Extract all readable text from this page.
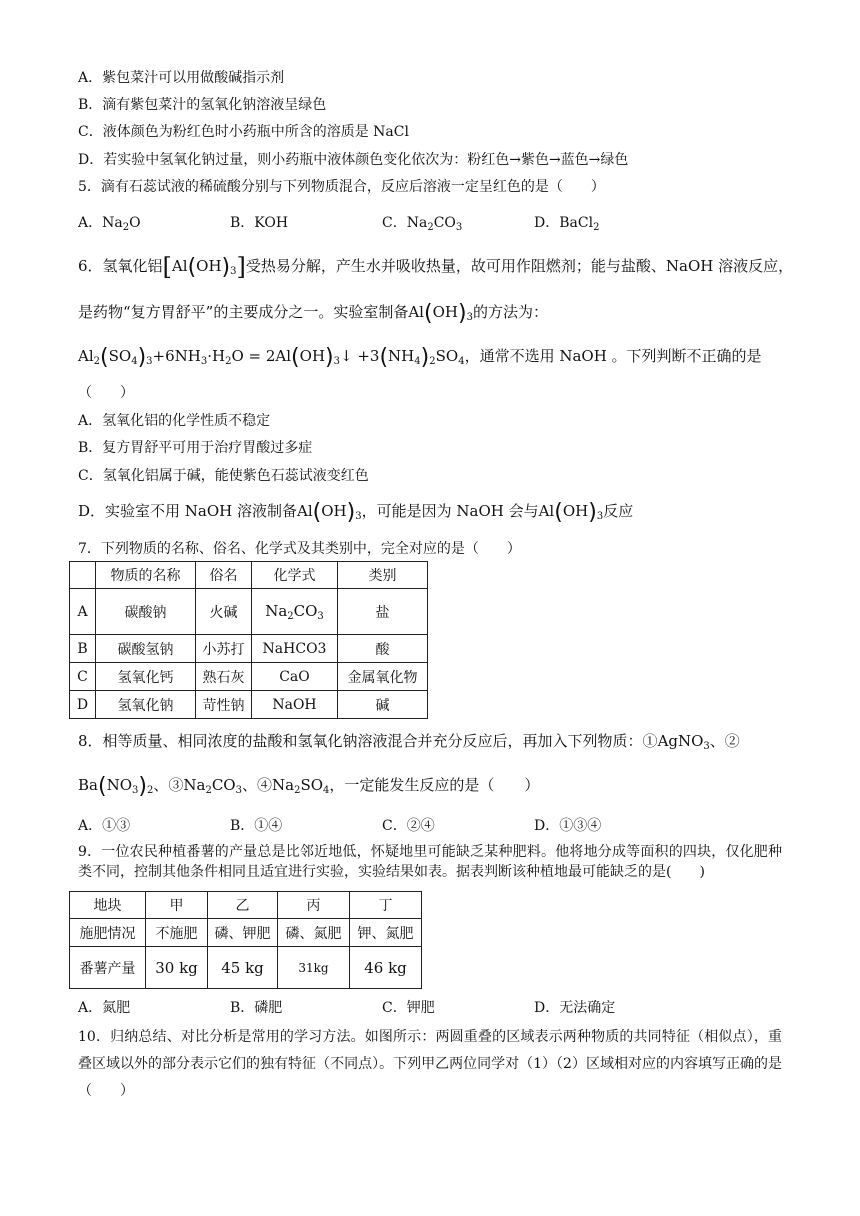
A．紫包菜汁可以用做酸碱指示剂
B．滴有紫包菜汁的氢氧化钠溶液呈绿色
C．液体颜色为粉红色时小药瓶中所含的溶质是 NaCl
D．若实验中氢氧化钠过量，则小药瓶中液体颜色变化依次为：粉红色→紫色→蓝色→绿色
5．滴有石蕊试液的稀硫酸分别与下列物质混合，反应后溶液一定呈红色的是（　　）
A．$Na_2O$	B．KOH	C．$Na_2CO_3$	D．BaCl$_2$
6．氢氧化铝$[Al(OH)_3]$受热易分解，产生水并吸收热量，故可用作阻燃剂；能与盐酸、NaOH 溶液反应，
是药物“复方胃舒平”的主要成分之一。实验室制备$Al(OH)_3$的方法为：
$Al_2(SO_4)_3+6NH_3\cdot H_2O$ = $2Al(OH)_3↓ +3(NH_4)_2SO_4$，通常不选用 NaOH 。下列判断不正确的是
（　　）
A．氢氧化铝的化学性质不稳定
B．复方胃舒平可用于治疗胃酸过多症
C．氢氧化铝属于碱，能使紫色石蕊试液变红色
D．实验室不用 NaOH 溶液制备$Al(OH)_3$，可能是因为 NaOH 会与$Al(OH)_3$反应
7．下列物质的名称、俗名、化学式及其类别中，完全对应的是（　　）
	物质的名称	俗名	化学式	类别
A	碳酸钠	火碱	$Na_2CO_3$	盐
B	碳酸氢钠	小苏打	NaHCO3	酸
C	氢氧化钙	熟石灰	CaO	金属氧化物
D	氢氧化钠	苛性钠	NaOH	碱
8．相等质量、相同浓度的盐酸和氢氧化钠溶液混合并充分反应后，再加入下列物质：①AgNO$_3$、②
$Ba(NO_3)_2$、$③Na_2CO_3$、$④Na_2SO_4$，一定能发生反应的是（　　）
A．①③	B．①④	C．②④	D．①③④
9．一位农民种植番薯的产量总是比邻近地低，怀疑地里可能缺乏某种肥料。他将地分成等面积的四块，仅化肥种类不同，控制其他条件相同且适宜进行实验，实验结果如表。据表判断该种植地最可能缺乏的是(　　)
地块	甲	乙	丙	丁
施肥情况	不施肥	磷、钾肥	磷、氮肥	钾、氮肥
番薯产量	30 kg	45 kg	31kg	46 kg
A．氮肥	B．磷肥	C．钾肥	D．无法确定
10．归纳总结、对比分析是常用的学习方法。如图所示：两圆重叠的区域表示两种物质的共同特征（相似点），重叠区域以外的部分表示它们的独有特征（不同点）。下列甲乙两位同学对（1）（2）区域相对应的内容填写正确的是（　　）
